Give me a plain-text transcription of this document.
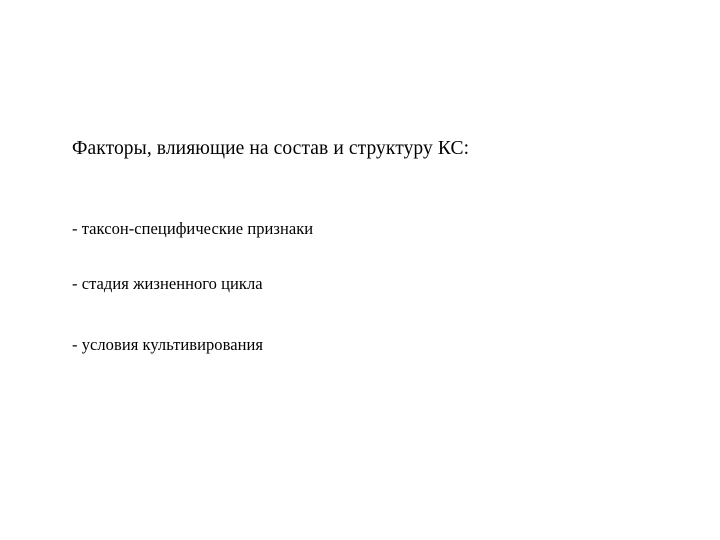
Факторы, влияющие на состав и структуру КС:
- таксон-специфические признаки
- стадия жизненного цикла
- условия культивирования
